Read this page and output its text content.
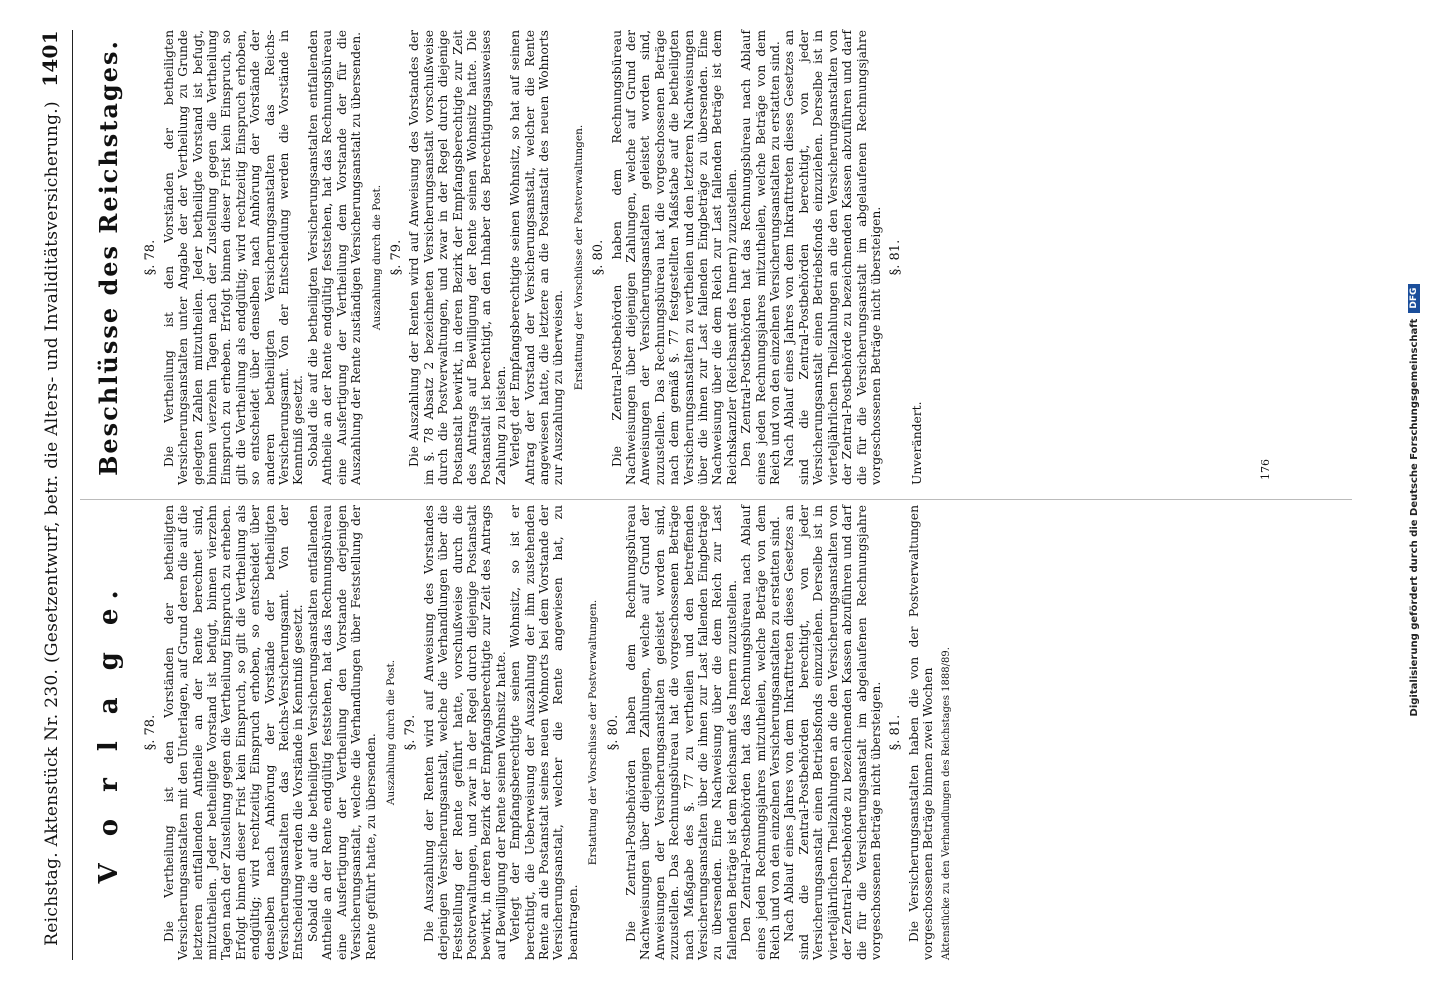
Reichstag. Aktenstück Nr. 230. (Gesetzentwurf, betr. die Alters- und Invaliditätsversicherung.)
1401
V o r l a g e. §. 78. Die Vertheilung ist den Vorständen der betheiligten Versicherungsanstalten mit den Unterlagen, auf Grund deren die auf die letzteren entfallenden Antheile an der Rente berechnet sind, mitzutheilen. Jeder betheiligte Vorstand ist befugt, binnen vierzehn Tagen nach der Zustellung gegen die Vertheilung Einspruch zu erheben. Erfolgt binnen dieser Frist kein Einspruch, so gilt die Vertheilung als endgültig; wird rechtzeitig Einspruch erhoben, so entscheidet über denselben nach Anhörung der Vorstände der betheiligten Versicherungsanstalten das Reichs-Versicherungsamt. Von der Entscheidung werden die Vorstände in Kenntniß gesetzt. Sobald die auf die betheiligten Versicherungsanstalten entfallenden Antheile an der Rente endgültig feststehen, hat das Rechnungsbüreau eine Ausfertigung der Vertheilung den Vorstande derjenigen Versicherungsanstalt, welche die Verhandlungen über Feststellung der Rente geführt hatte, zu übersenden.

Auszahlung durch die Post. §. 79. Die Auszahlung der Renten wird auf Anweisung des Vorstandes derjenigen Versicherungsanstalt, welche die Verhandlungen über die Feststellung der Rente geführt hatte, vorschußweise durch die Postverwaltungen, und zwar in der Regel durch diejenige Postanstalt bewirkt, in deren Bezirk der Empfangsberechtigte zur Zeit des Antrags auf Bewilligung der Rente seinen Wohnsitz hatte. Verlegt der Empfangsberechtigte seinen Wohnsitz, so ist er berechtigt, die Ueberweisung der Auszahlung der ihm zustehenden Rente an die Postanstalt seines neuen Wohnorts bei dem Vorstande der Versicherungsanstalt, welcher die Rente angewiesen hat, zu beantragen.

Erstattung der Vorschüsse der Postverwaltungen. §. 80. Die Zentral-Postbehörden haben dem Rechnungsbüreau Nachweisungen über diejenigen Zahlungen, welche auf Grund der Anweisungen der Versicherungsanstalten geleistet worden sind, zuzustellen. Das Rechnungsbüreau hat die vorgeschossenen Beträge nach Maßgabe des §. 77 zu vertheilen und den betreffenden Versicherungsanstalten über die ihnen zur Last fallenden Eingbeträge zu übersenden. Eine Nachweisung über die dem Reich zur Last fallenden Beträge ist dem Reichsamt des Innern zuzustellen. Den Zentral-Postbehörden hat das Rechnungsbüreau nach Ablauf eines jeden Rechnungsjahres mitzutheilen, welche Beträge von dem Reich und von den einzelnen Versicherungsanstalten zu erstatten sind. Nach Ablauf eines Jahres von dem Inkrafttreten dieses Gesetzes an sind die Zentral-Postbehörden berechtigt, von jeder Versicherungsanstalt einen Betriebsfonds einzuziehen. Derselbe ist in vierteljährlichen Theilzahlungen an die den Versicherungsanstalten von der Zentral-Postbehörde zu bezeichnenden Kassen abzuführen und darf die für die Versicherungsanstalt im abgelaufenen Rechnungsjahre vorgeschossenen Beträge nicht übersteigen. §. 81. Die Versicherungsanstalten haben die von der Postverwaltungen vorgeschossenen Beträge binnen zwei Wochen Aktenstücke zu den Verhandlungen des Reichstages 1888/89.
Beschlüsse des Reichstages. §. 78. Die Vertheilung ist den Vorständen der betheiligten Versicherungsanstalten unter Angabe der der Vertheilung zu Grunde gelegten Zahlen mitzutheilen. Jeder betheiligte Vorstand ist befugt, binnen vierzehn Tagen nach der Zustellung gegen die Vertheilung Einspruch zu erheben. Erfolgt binnen dieser Frist kein Einspruch, so gilt die Vertheilung als endgültig; wird rechtzeitig Einspruch erhoben, so entscheidet über denselben nach Anhörung der Vorstände der anderen betheiligten Versicherungsanstalten das Reichs-Versicherungsamt. Von der Entscheidung werden die Vorstände in Kenntniß gesetzt. Sobald die auf die betheiligten Versicherungsanstalten entfallenden Antheile an der Rente endgültig feststehen, hat das Rechnungsbüreau eine Ausfertigung der Vertheilung dem Vorstande der für die Auszahlung der Rente zuständigen Versicherungsanstalt zu übersenden. Auszahlung durch die Post. §. 79. Die Auszahlung der Renten wird auf Anweisung des Vorstandes der im §. 78 Absatz 2 bezeichneten Versicherungsanstalt vorschußweise durch die Postverwaltungen, und zwar in der Regel durch diejenige Postanstalt bewirkt, in deren Bezirk der Empfangsberechtigte zur Zeit des Antrags auf Bewilligung der Rente seinen Wohnsitz hatte. Die Postanstalt ist berechtigt, an den Inhaber des Berechtigungsausweises Zahlung zu leisten. Verlegt der Empfangsberechtigte seinen Wohnsitz, so hat auf seinen Antrag der Vorstand der Versicherungsanstalt, welcher die Rente angewiesen hatte, die letztere an die Postanstalt des neuen Wohnorts zur Auszahlung zu überweisen. Erstattung der Vorschüsse der Postverwaltungen. §. 80. Die Zentral-Postbehörden haben dem Rechnungsbüreau Nachweisungen über diejenigen Zahlungen, welche auf Grund der Anweisungen der Versicherungsanstalten geleistet worden sind, zuzustellen. Das Rechnungsbüreau hat die vorgeschossenen Beträge nach dem gemäß §. 77 festgestellten Maßstabe auf die betheiligten Versicherungsanstalten zu vertheilen und den letzteren Nachweisungen über die ihnen zur Last fallenden Eingbeträge zu übersenden. Eine Nachweisung über die dem Reich zur Last fallenden Beträge ist dem Reichskanzler (Reichsamt des Innern) zuzustellen. Den Zentral-Postbehörden hat das Rechnungsbüreau nach Ablauf eines jeden Rechnungsjahres mitzutheilen, welche Beträge von dem Reich und von den einzelnen Versicherungsanstalten zu erstatten sind. Nach Ablauf eines Jahres von dem Inkrafttreten dieses Gesetzes an sind die Zentral-Postbehörden berechtigt, von jeder Versicherungsanstalt einen Betriebsfonds einzuziehen. Derselbe ist in vierteljährlichen Theilzahlungen an die den Versicherungsanstalten von der Zentral-Postbehörde zu bezeichnenden Kassen abzuführen und darf die für die Versicherungsanstalt im abgelaufenen Rechnungsjahre vorgeschossenen Beträge nicht übersteigen. §. 81.

Unverändert.	176	Digitalisierung gefördert durch die Deutsche Forschungsgemeinschaft
DFG
